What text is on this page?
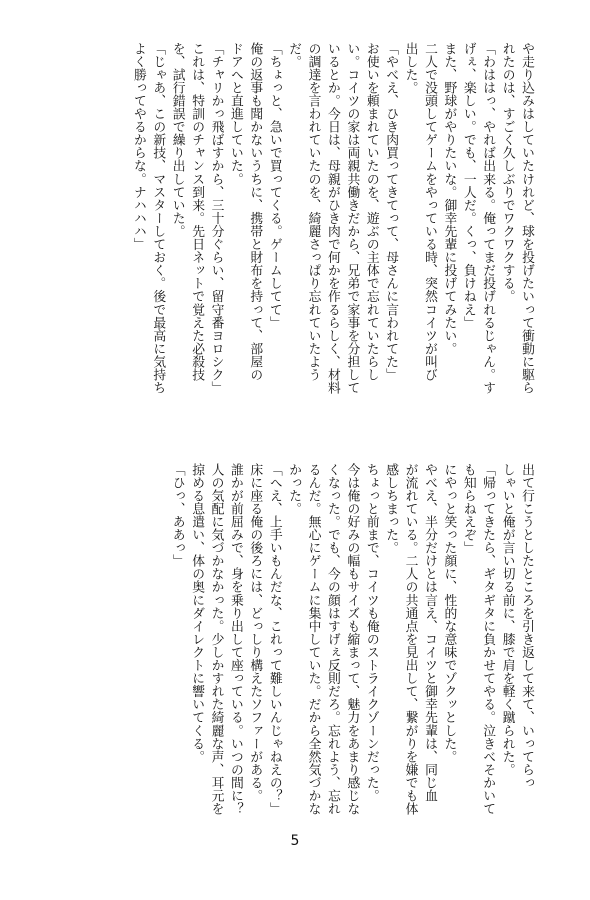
や走り込みはしていたけれど、球を投げたいって衝動に駆ら

れたのは、すごく久しぶりでワクワクする。

「わははっ、やれば出来る。俺ってまだ投げれるじゃん。す

げぇ、楽しい。でも、一人だ。くっ、負けねえ」

また、野球がやりたいな。御幸先輩に投げてみたい。

二人で没頭してゲームをやっている時、突然コイツが叫び

出した。

「やべえ、ひき肉買ってきてって、母さんに言われてた」

お使いを頼まれていたのを、遊ぶの主体で忘れていたらし

い。コイツの家は両親共働きだから、兄弟で家事を分担して

いるとか。今日は、母親がひき肉で何かを作るらしく、材料

の調達を言われていたのを、綺麗さっぱり忘れていたよう

だ。

「ちょっと、急いで買ってくる。ゲームしてて」

俺の返事も聞かないうちに、携帯と財布を持って、部屋の

ドアへと直進していた。

「チャリかっ飛ばすから、三十分ぐらい、留守番ヨロシク」

これは、特訓のチャンス到来。先日ネットで覚えた必殺技

を、試行錯誤で繰り出していた。

「じゃあ、この新技、マスターしておく。後で最高に気持ち

よく勝ってやるからな。ナハハハ」

出て行こうとしたところを引き返して来て、いってらっ

しゃいと俺が言い切る前に、膝で肩を軽く蹴られた。

「帰ってきたら、ギタギタに負かせてやる。泣きべそかいて

も知らねえぞ」

にやっと笑った顔に、性的な意味でゾクッとした。

やべえ、半分だけとは言え、コイツと御幸先輩は、同じ血

が流れている。二人の共通点を見出して、繋がりを嫌でも体

感しちまった。

ちょっと前まで、コイツも俺のストライクゾーンだった。

今は俺の好みの幅もサイズも縮まって、魅力をあまり感じな

くなった。でも、今の顔はすげぇ反則だろ。忘れよう、忘れ

るんだ。無心にゲームに集中していた。だから全然気づかな

かった。

「へえ、上手いもんだな、これって難しいんじゃねえの？」

床に座る俺の後ろには、どっしり構えたソファーがある。

誰かが前屈みで、身を乗り出して座っている。いつの間に？

人の気配に気づかなかった。少しかすれた綺麗な声、耳元を

掠める息遣い、体の奥にダイレクトに響いてくる。

「ひっ、ああっ」

5
